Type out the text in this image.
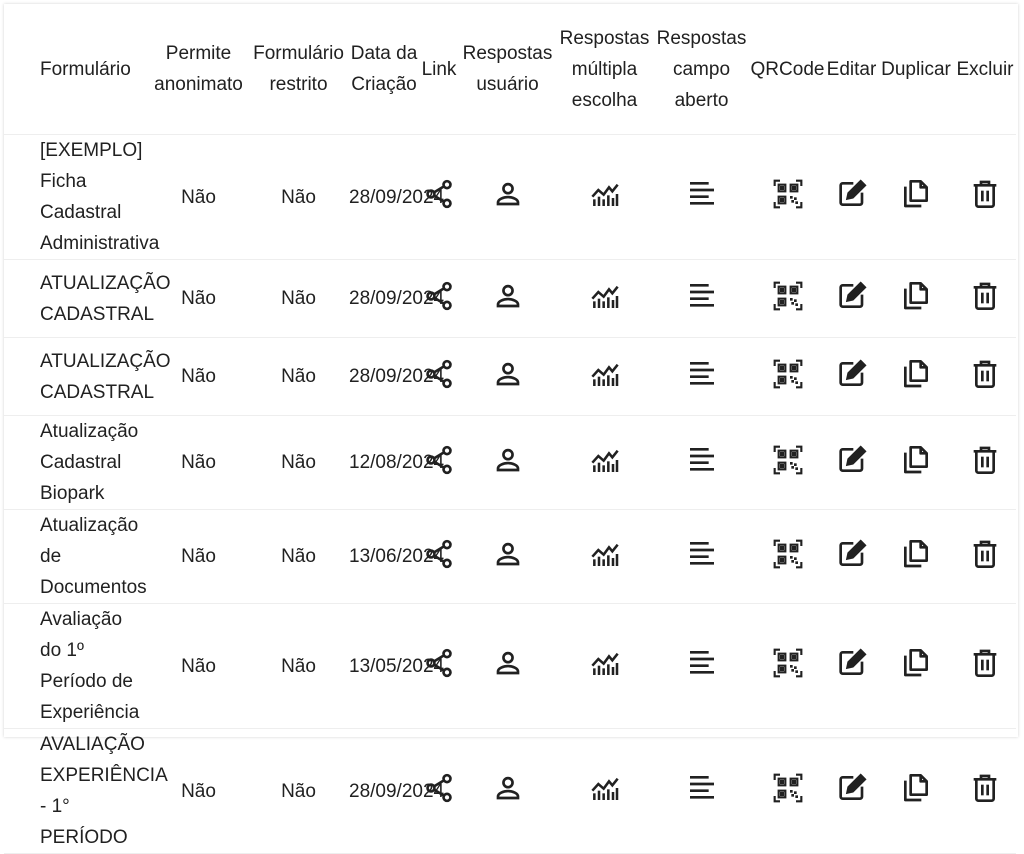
Formulário	Permite anonimato	Formulário restrito	Data da Criação	Link	Respostas usuário	Respostas múltipla escolha	Respostas campo aberto	QRCode	Editar	Duplicar	Excluir
[EXEMPLO] Ficha Cadastral Administrativa	Não	Não	28/09/2024	

ATUALIZAÇÃO CADASTRAL	Não	Não	28/09/2024	

ATUALIZAÇÃO CADASTRAL	Não	Não	28/09/2024	

Atualização Cadastral Biopark	Não	Não	12/08/2024	

Atualização de Documentos	Não	Não	13/06/2024	

Avaliação do 1º Período de Experiência	Não	Não	13/05/2024	

AVALIAÇÃO EXPERIÊNCIA - 1° PERÍODO	Não	Não	28/09/2024	
